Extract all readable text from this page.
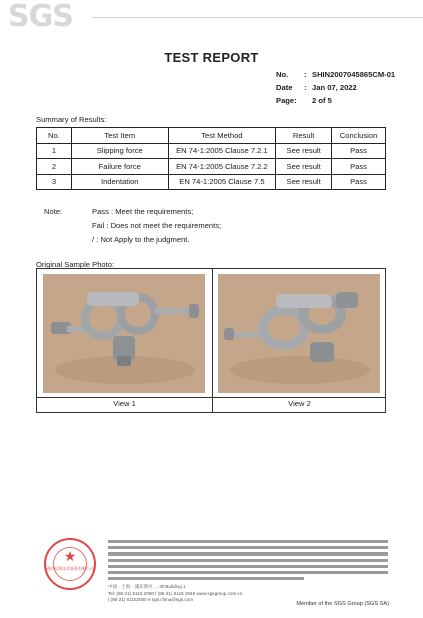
SGS
TEST REPORT
No.	: SHIN2007045865CM-01
Date	: Jan 07, 2022
Page:	2 of 5
Summary of Results:
No.	Test Item	Test Method	Result	Conclusion
1	Slipping force	EN 74-1:2005 Clause 7.2.1	See result	Pass
2	Failure force	EN 74-1:2005 Clause 7.2.2	See result	Pass
3	Indentation	EN 74-1:2005 Clause 7.5	See result	Pass
Note:	Pass : Meet the requirements;
Fail : Does not meet the requirements;
/ : Not Apply to the judgment.
Original Sample Photo:
View 1	View 2
★
通标标准技术服务有限公司
中国 · 上海 · 浦东新区 ... 3F,Building 1
Tel: (86-21) 6115 2000 f (86-21) 6115 2045 www.sgsgroup.com.cn
t (86-21) 61152000 e sgs.china@sgs.com
Member of the SGS Group (SGS SA)
